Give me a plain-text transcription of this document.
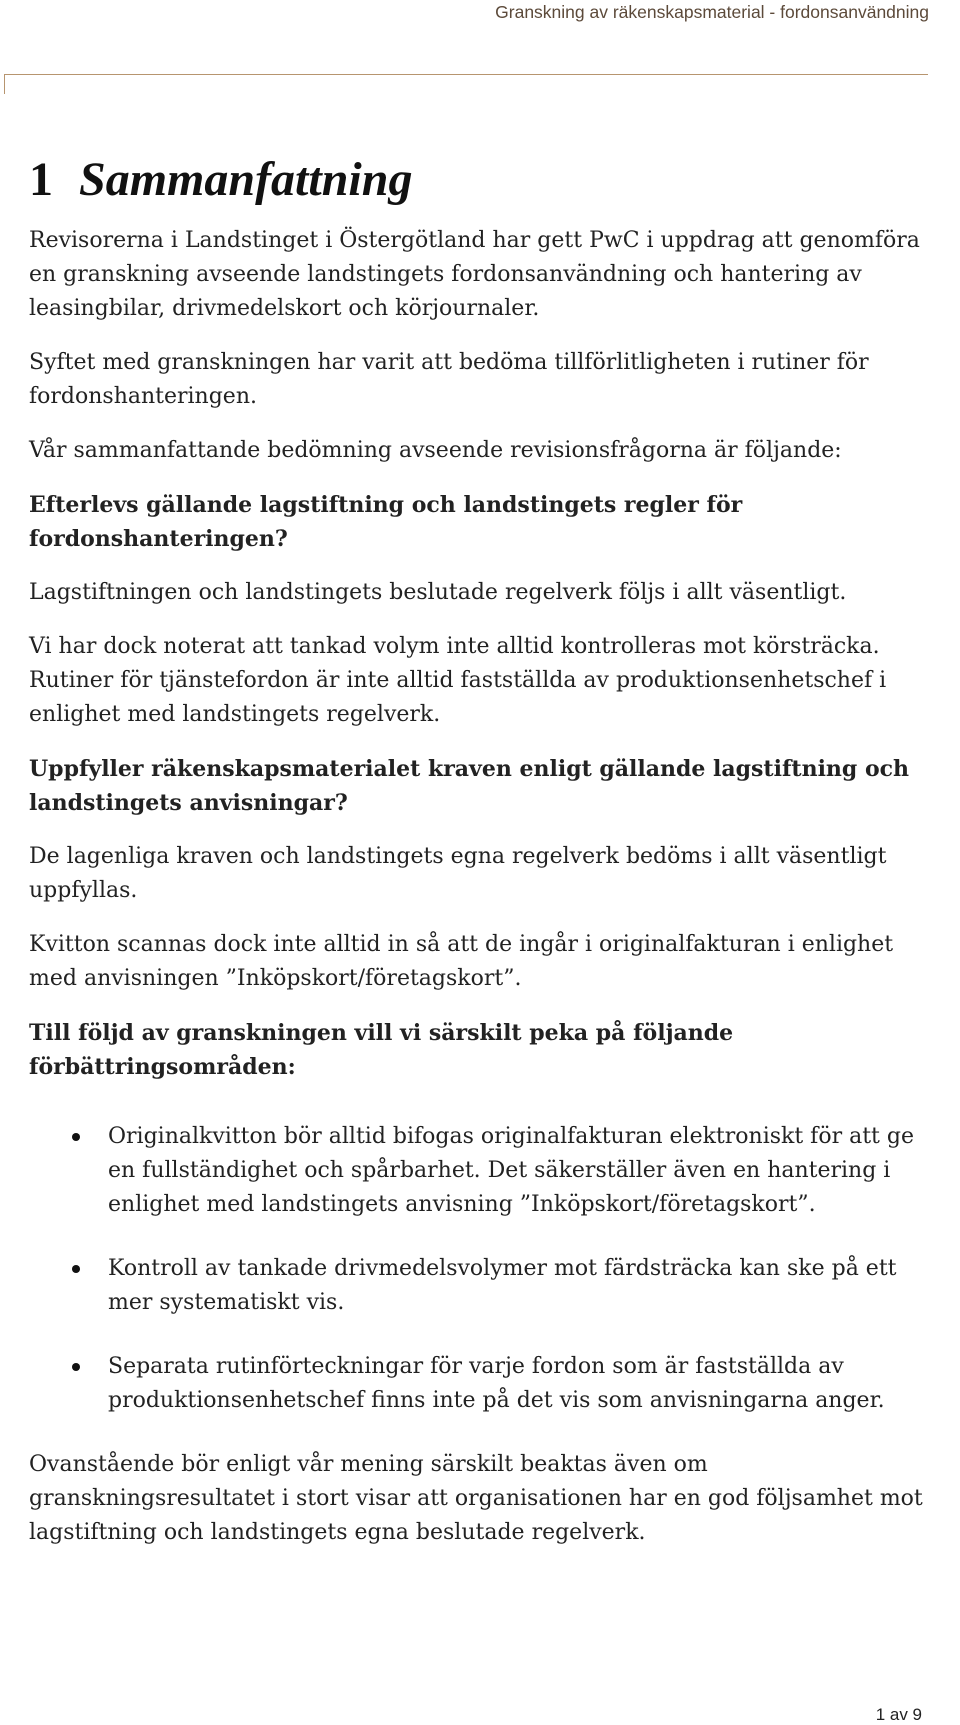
Granskning av räkenskapsmaterial - fordonsanvändning
1 Sammanfattning

Revisorerna i Landstinget i Östergötland har gett PwC i uppdrag att genomföra en granskning avseende landstingets fordonsanvändning och hantering av leasingbilar, drivmedelskort och körjournaler.

Syftet med granskningen har varit att bedöma tillförlitligheten i rutiner för fordonshanteringen.

Vår sammanfattande bedömning avseende revisionsfrågorna är följande:

Efterlevs gällande lagstiftning och landstingets regler för fordonshanteringen?

Lagstiftningen och landstingets beslutade regelverk följs i allt väsentligt.

Vi har dock noterat att tankad volym inte alltid kontrolleras mot körsträcka.

Rutiner för tjänstefordon är inte alltid fastställda av produktionsenhetschef i enlighet med landstingets regelverk.

Uppfyller räkenskapsmaterialet kraven enligt gällande lagstiftning och landstingets anvisningar?

De lagenliga kraven och landstingets egna regelverk bedöms i allt väsentligt uppfyllas.

Kvitton scannas dock inte alltid in så att de ingår i originalfakturan i enlighet med anvisningen ”Inköpskort/företagskort”.

Till följd av granskningen vill vi särskilt peka på följande förbättringsområden:

Originalkvitton bör alltid bifogas originalfakturan elektroniskt för att ge en fullständighet och spårbarhet. Det säkerställer även en hantering i enlighet med landstingets anvisning ”Inköpskort/företagskort”.
Kontroll av tankade drivmedelsvolymer mot färdsträcka kan ske på ett mer systematiskt vis.
Separata rutinförteckningar för varje fordon som är fastställda av produktionsenhetschef finns inte på det vis som anvisningarna anger.

Ovanstående bör enligt vår mening särskilt beaktas även om granskningsresultatet i stort visar att organisationen har en god följsamhet mot lagstiftning och landstingets egna beslutade regelverk.

1 av 9
